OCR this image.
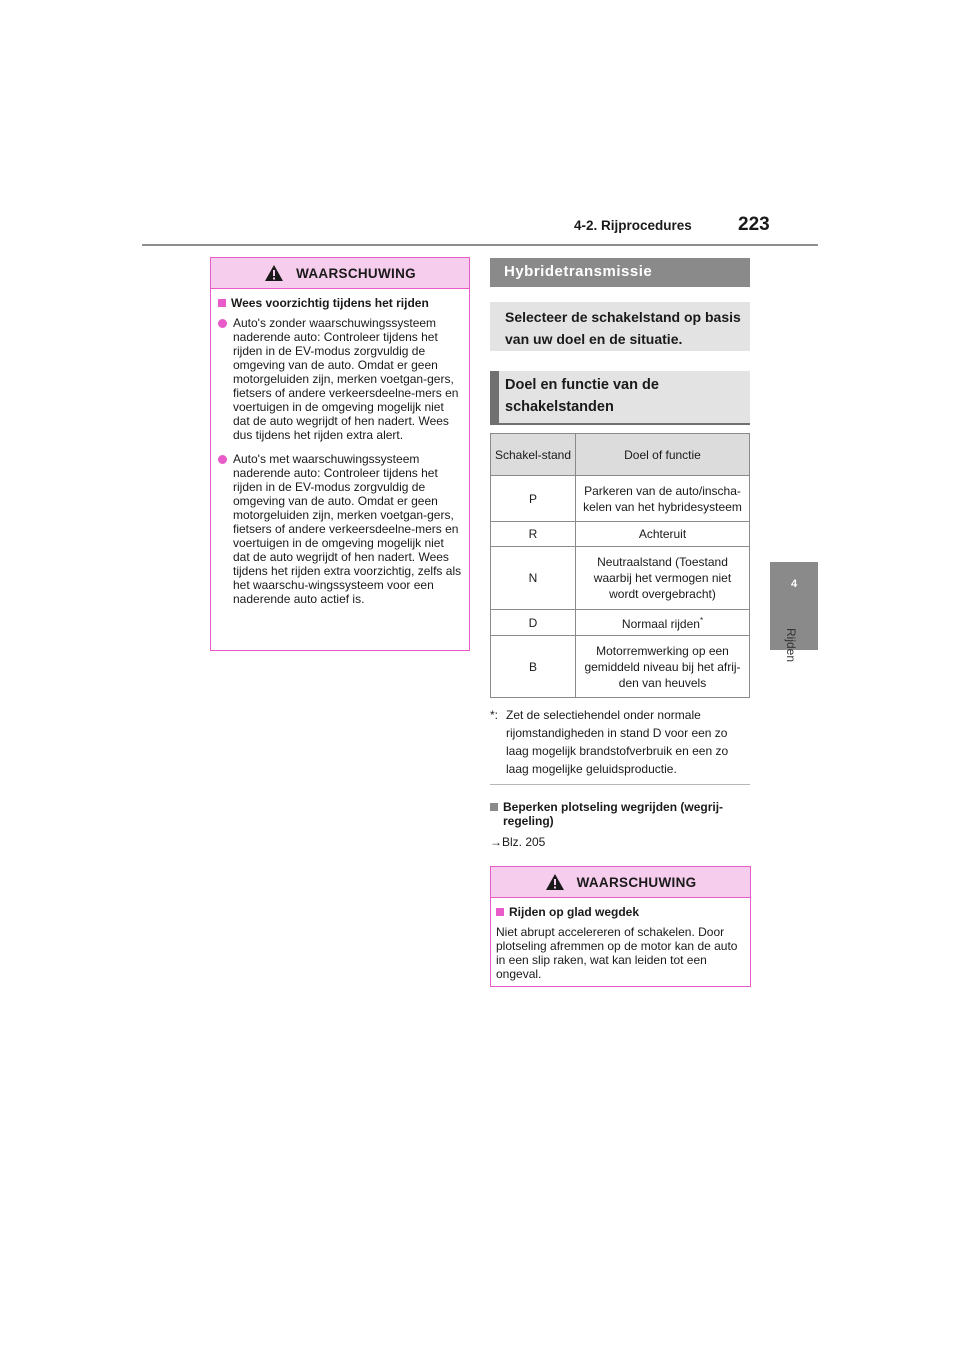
4-2. Rijprocedures 223
4
Rijden
WAARSCHUWING
Wees voorzichtig tijdens het rijden
Auto's zonder waarschuwingssysteem naderende auto: Controleer tijdens het rijden in de EV-modus zorgvuldig de omgeving van de auto. Omdat er geen motorgeluiden zijn, merken voetgan-gers, fietsers of andere verkeersdeelne-mers en voertuigen in de omgeving mogelijk niet dat de auto wegrijdt of hen nadert. Wees dus tijdens het rijden extra alert.
Auto's met waarschuwingssysteem naderende auto: Controleer tijdens het rijden in de EV-modus zorgvuldig de omgeving van de auto. Omdat er geen motorgeluiden zijn, merken voetgan-gers, fietsers of andere verkeersdeelne-mers en voertuigen in de omgeving mogelijk niet dat de auto wegrijdt of hen nadert. Wees tijdens het rijden extra voorzichtig, zelfs als het waarschu-wingssysteem voor een naderende auto actief is.
Hybridetransmissie
Selecteer de schakelstand op basis van uw doel en de situatie.
Doel en functie van de schakelstanden
Schakel-stand	Doel of functie
P	Parkeren van de auto/inscha-kelen van het hybridesysteem
R	Achteruit
N	Neutraalstand (Toestand waarbij het vermogen niet wordt overgebracht)
D	Normaal rijden*
B	Motorremwerking op een gemiddeld niveau bij het afrij-den van heuvels
*: Zet de selectiehendel onder normale rijomstandigheden in stand D voor een zo laag mogelijk brandstofverbruik en een zo laag mogelijke geluidsproductie.
Beperken plotseling wegrijden (wegrij-regeling)
→Blz. 205
WAARSCHUWING
Rijden op glad wegdek
Niet abrupt accelereren of schakelen. Door plotseling afremmen op de motor kan de auto in een slip raken, wat kan leiden tot een ongeval.
